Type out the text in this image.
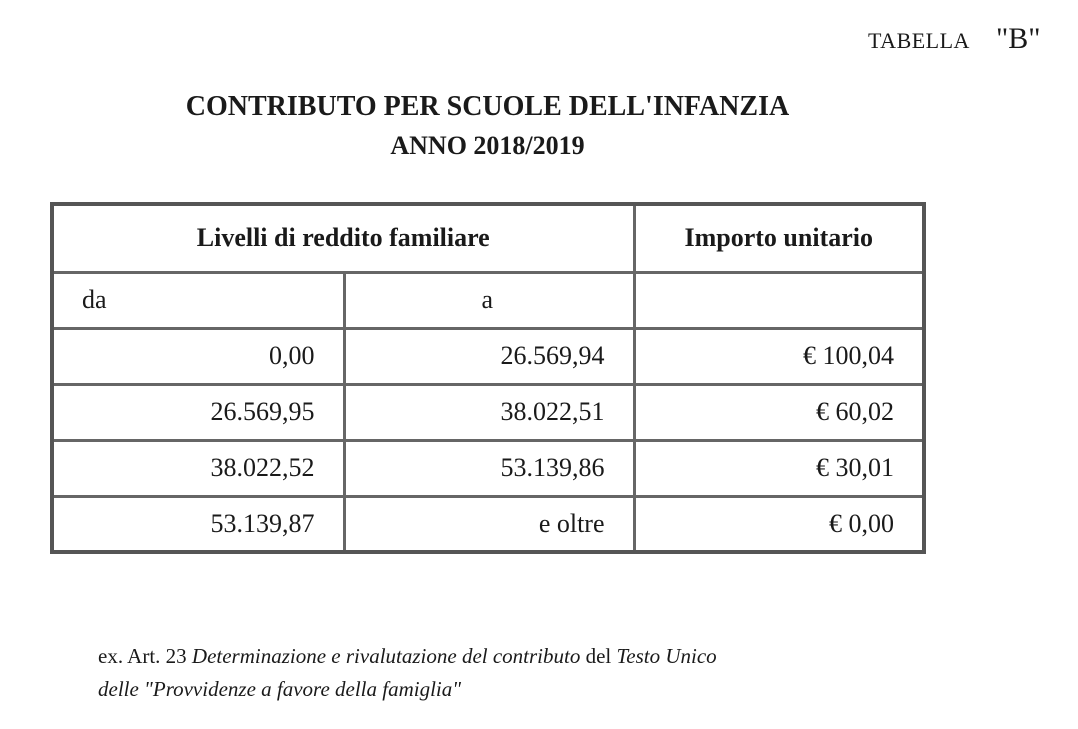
TABELLA "B"
CONTRIBUTO PER SCUOLE DELL'INFANZIA
ANNO 2018/2019
Livelli di reddito familiare		Importo unitario
da	a	
0,00	26.569,94	€ 100,04
26.569,95	38.022,51	€ 60,02
38.022,52	53.139,86	€ 30,01
53.139,87	e oltre	€ 0,00
ex. Art. 23 Determinazione e rivalutazione del contributo del Testo Unico
delle "Provvidenze a favore della famiglia"
